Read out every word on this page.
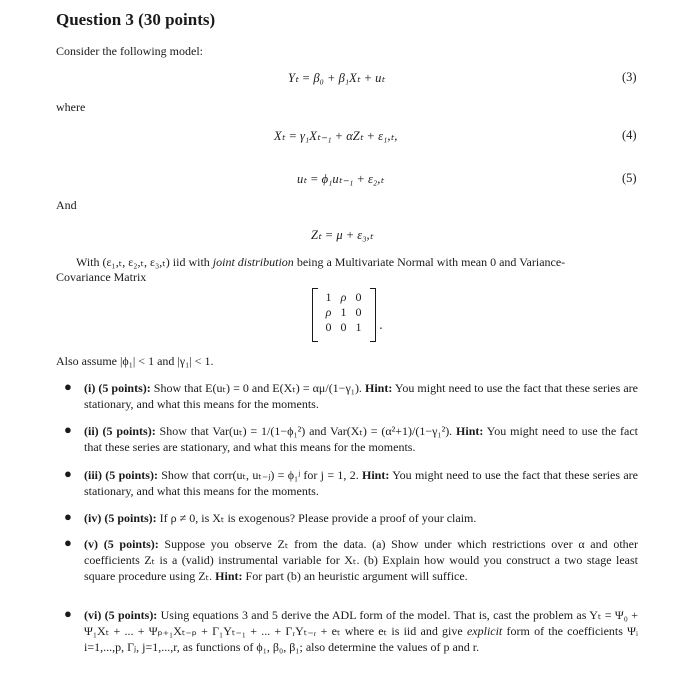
Question 3 (30 points)
Consider the following model:
Yₜ = β₀ + β₁Xₜ + uₜ	(3)
where
Xₜ = γ₁Xₜ₋₁ + αZₜ + ε₁,ₜ,	(4)
uₜ = ϕ₁uₜ₋₁ + ε₂,ₜ	(5)
And
Zₜ = μ + ε₃,ₜ
With (ε₁,ₜ, ε₂,ₜ, ε₃,ₜ) iid with joint distribution being a Multivariate Normal with mean 0 and Variance-
Covariance Matrix
1	ρ	0
ρ	1	0
0	0	1 .
Also assume |ϕ₁| < 1 and |γ₁| < 1.
● (i) (5 points): Show that E(uₜ) = 0 and E(Xₜ) = αμ/(1−γ₁). Hint: You might need to use the fact that these series are stationary, and what this means for the moments.
● (ii) (5 points): Show that Var(uₜ) = 1/(1−ϕ₁²) and Var(Xₜ) = (α²+1)/(1−γ₁²). Hint: You might need to use the fact that these series are stationary, and what this means for the moments.
● (iii) (5 points): Show that corr(uₜ, uₜ₋ⱼ) = ϕ₁ʲ for j = 1, 2. Hint: You might need to use the fact that these series are stationary, and what this means for the moments.
● (iv) (5 points): If ρ ≠ 0, is Xₜ is exogenous? Please provide a proof of your claim.
● (v) (5 points): Suppose you observe Zₜ from the data. (a) Show under which restrictions over α and other coefficients Zₜ is a (valid) instrumental variable for Xₜ. (b) Explain how would you construct a two stage least square procedure using Zₜ. Hint: For part (b) an heuristic argument will suffice.
● (vi) (5 points): Using equations 3 and 5 derive the ADL form of the model. That is, cast the problem as Yₜ = Ψ₀ + Ψ₁Xₜ + ... + Ψₚ₊₁Xₜ₋ₚ + Γ₁Yₜ₋₁ + ... + ΓᵣYₜ₋ᵣ + eₜ where eₜ is iid and give explicit form of the coefficients Ψᵢ i=1,...,p, Γⱼ, j=1,...,r, as functions of ϕ₁, β₀, β₁; also determine the values of p and r.
